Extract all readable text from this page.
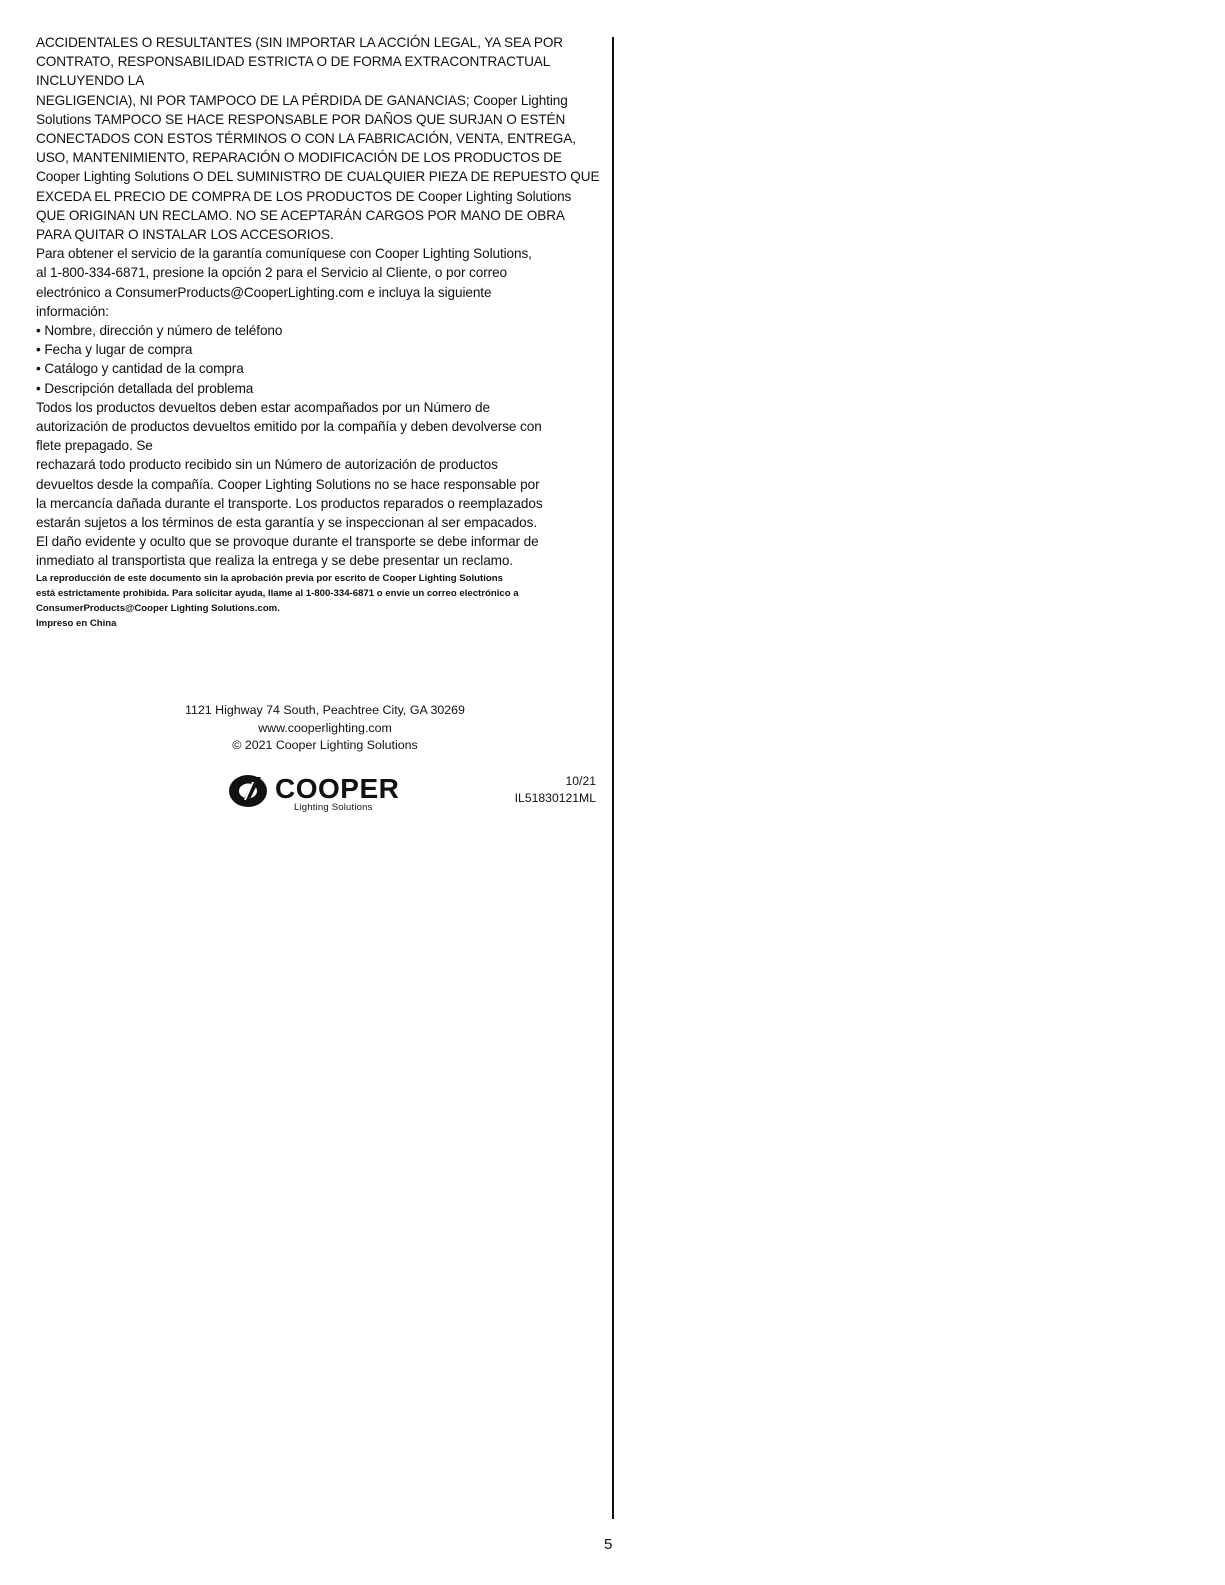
ACCIDENTALES O RESULTANTES (SIN IMPORTAR LA ACCIÓN LEGAL, YA SEA POR
CONTRATO, RESPONSABILIDAD ESTRICTA O DE FORMA EXTRACONTRACTUAL
INCLUYENDO LA
NEGLIGENCIA), NI POR TAMPOCO DE LA PÉRDIDA DE GANANCIAS; Cooper Lighting
Solutions TAMPOCO SE HACE RESPONSABLE POR DAÑOS QUE SURJAN O ESTÉN
CONECTADOS CON ESTOS TÉRMINOS O CON LA FABRICACIÓN, VENTA, ENTREGA,
USO, MANTENIMIENTO, REPARACIÓN O MODIFICACIÓN DE LOS PRODUCTOS DE
Cooper Lighting Solutions O DEL SUMINISTRO DE CUALQUIER PIEZA DE REPUESTO QUE
EXCEDA EL PRECIO DE COMPRA DE LOS PRODUCTOS DE Cooper Lighting Solutions
QUE ORIGINAN UN RECLAMO. NO SE ACEPTARÁN CARGOS POR MANO DE OBRA
PARA QUITAR O INSTALAR LOS ACCESORIOS.
Para obtener el servicio de la garantía comuníquese con Cooper Lighting Solutions,
al 1-800-334-6871, presione la opción 2 para el Servicio al Cliente, o por correo
electrónico a ConsumerProducts@CooperLighting.com e incluya la siguiente
información:
• Nombre, dirección y número de teléfono
• Fecha y lugar de compra
• Catálogo y cantidad de la compra
• Descripción detallada del problema
Todos los productos devueltos deben estar acompañados por un Número de
autorización de productos devueltos emitido por la compañía y deben devolverse con
flete prepagado. Se
rechazará todo producto recibido sin un Número de autorización de productos
devueltos desde la compañía. Cooper Lighting Solutions no se hace responsable por
la mercancía dañada durante el transporte. Los productos reparados o reemplazados
estarán sujetos a los términos de esta garantía y se inspeccionan al ser empacados.
El daño evidente y oculto que se provoque durante el transporte se debe informar de
inmediato al transportista que realiza la entrega y se debe presentar un reclamo.
La reproducción de este documento sin la aprobación previa por escrito de Cooper Lighting Solutions
está estrictamente prohibida. Para solicitar ayuda, llame al 1-800-334-6871 o envíe un correo electrónico a
ConsumerProducts@Cooper Lighting Solutions.com.
Impreso en China
1121 Highway 74 South, Peachtree City, GA 30269
www.cooperlighting.com
© 2021 Cooper Lighting Solutions
COOPER
Lighting Solutions
10/21
IL51830121ML
5
